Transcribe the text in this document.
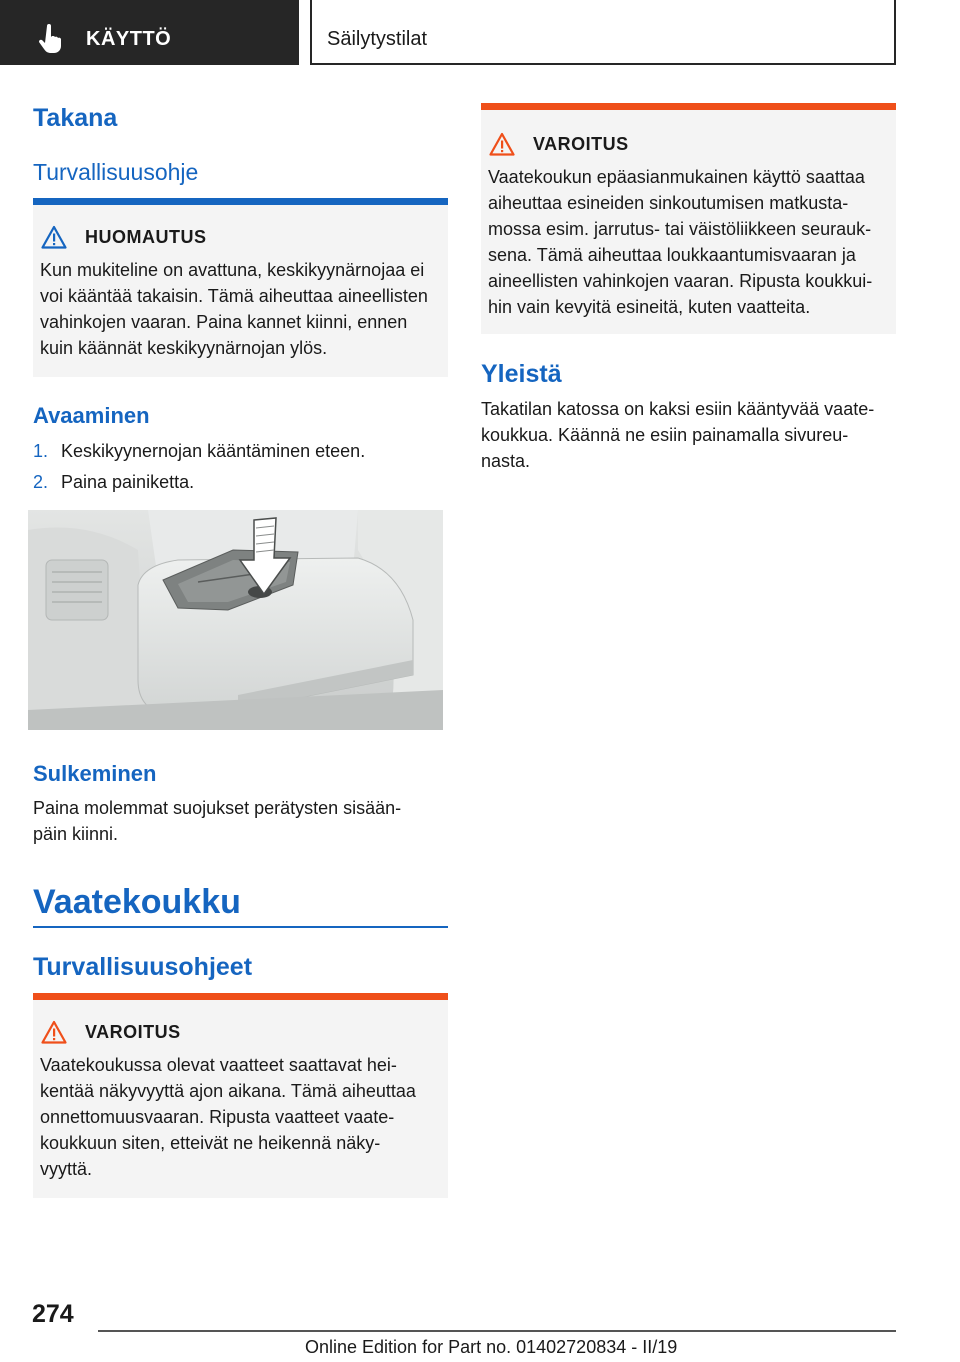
KÄYTTÖ	Säilytystilat
Takana
Turvallisuusohje
HUOMAUTUS
Kun mukiteline on avattuna, keskikyynärnojaa ei
voi kääntää takaisin. Tämä aiheuttaa aineellisten
vahinkojen vaaran. Paina kannet kiinni, ennen
kuin käännät keskikyynärnojan ylös.
Avaaminen
1. Keskikyynernojan kääntäminen eteen.
2. Paina painiketta.
Sulkeminen
Paina molemmat suojukset perätysten sisään-
päin kiinni.
Vaatekoukku
Turvallisuusohjeet
VAROITUS
Vaatekoukussa olevat vaatteet saattavat hei-
kentää näkyvyyttä ajon aikana. Tämä aiheuttaa
onnettomuusvaaran. Ripusta vaatteet vaate-
koukkuun siten, etteivät ne heikennä näky-
vyyttä.
VAROITUS
Vaatekoukun epäasianmukainen käyttö saattaa
aiheuttaa esineiden sinkoutumisen matkusta-
mossa esim. jarrutus- tai väistöliikkeen seurauk-
sena. Tämä aiheuttaa loukkaantumisvaaran ja
aineellisten vahinkojen vaaran. Ripusta koukkui-
hin vain kevyitä esineitä, kuten vaatteita.
Yleistä
Takatilan katossa on kaksi esiin kääntyvää vaate-
koukkua. Käännä ne esiin painamalla sivureu-
nasta.
274
Online Edition for Part no. 01402720834 - II/19
